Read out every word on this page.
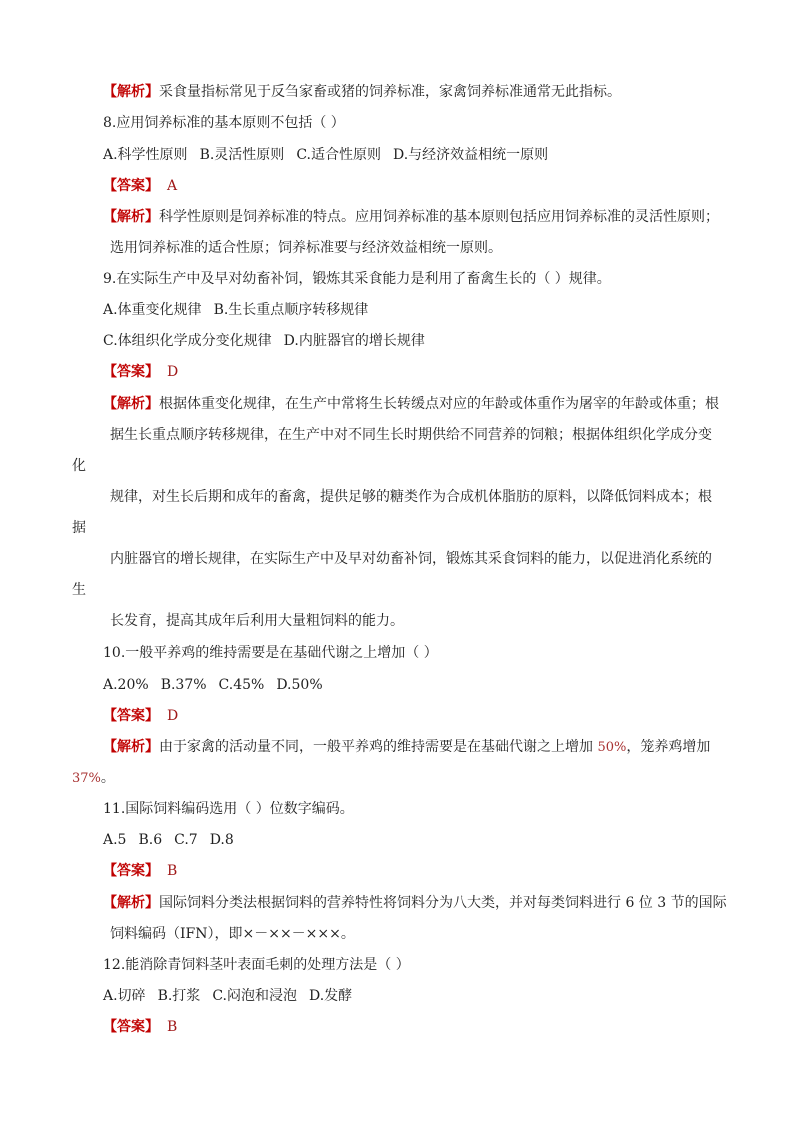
【解析】采食量指标常见于反刍家畜或猪的饲养标准，家禽饲养标准通常无此指标。
8.应用饲养标准的基本原则不包括（ ）
A.科学性原则 B.灵活性原则 C.适合性原则 D.与经济效益相统一原则
【答案】 A
【解析】科学性原则是饲养标准的特点。应用饲养标准的基本原则包括应用饲养标准的灵活性原则；
选用饲养标准的适合性原；饲养标准要与经济效益相统一原则。
9.在实际生产中及早对幼畜补饲，锻炼其采食能力是利用了畜禽生长的（ ）规律。
A.体重变化规律 B.生长重点顺序转移规律
C.体组织化学成分变化规律 D.内脏器官的增长规律
【答案】 D
【解析】根据体重变化规律，在生产中常将生长转缓点对应的年龄或体重作为屠宰的年龄或体重；根
据生长重点顺序转移规律，在生产中对不同生长时期供给不同营养的饲粮；根据体组织化学成分变
化
规律，对生长后期和成年的畜禽，提供足够的糖类作为合成机体脂肪的原料，以降低饲料成本；根
据
内脏器官的增长规律，在实际生产中及早对幼畜补饲，锻炼其采食饲料的能力，以促进消化系统的
生
长发育，提高其成年后利用大量粗饲料的能力。
10.一般平养鸡的维持需要是在基础代谢之上增加（ ）
A.20% B.37% C.45% D.50%
【答案】 D
【解析】由于家禽的活动量不同，一般平养鸡的维持需要是在基础代谢之上增加 50%，笼养鸡增加
37%。
11.国际饲料编码选用（ ）位数字编码。
A.5 B.6 C.7 D.8
【答案】 B
【解析】国际饲料分类法根据饲料的营养特性将饲料分为八大类，并对每类饲料进行 6 位 3 节的国际
饲料编码（IFN），即×－××－×××。
12.能消除青饲料茎叶表面毛刺的处理方法是（ ）
A.切碎 B.打浆 C.闷泡和浸泡 D.发酵
【答案】 B
